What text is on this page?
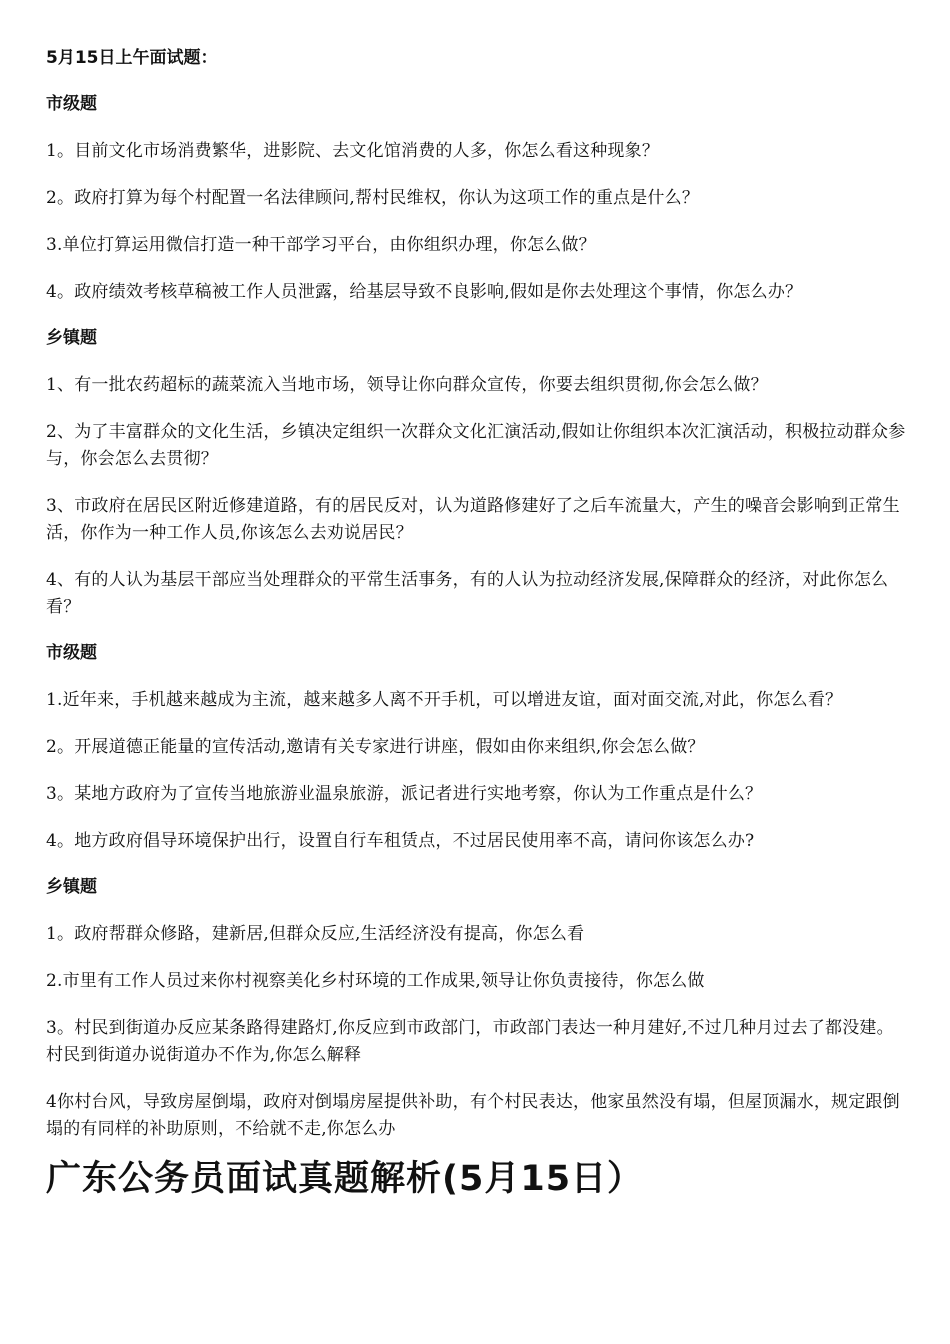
5月15日上午面试题：

市级题

1。目前文化市场消费繁华，进影院、去文化馆消费的人多，你怎么看这种现象？

2。政府打算为每个村配置一名法律顾问,帮村民维权，你认为这项工作的重点是什么？

3.单位打算运用微信打造一种干部学习平台，由你组织办理，你怎么做？

4。政府绩效考核草稿被工作人员泄露，给基层导致不良影响,假如是你去处理这个事情，你怎么办？

乡镇题

1、有一批农药超标的蔬菜流入当地市场，领导让你向群众宣传，你要去组织贯彻,你会怎么做？

2、为了丰富群众的文化生活，乡镇决定组织一次群众文化汇演活动,假如让你组织本次汇演活动，积极拉动群众参与，你会怎么去贯彻？

3、市政府在居民区附近修建道路，有的居民反对，认为道路修建好了之后车流量大，产生的噪音会影响到正常生活，你作为一种工作人员,你该怎么去劝说居民？

4、有的人认为基层干部应当处理群众的平常生活事务，有的人认为拉动经济发展,保障群众的经济，对此你怎么看？

市级题

1.近年来，手机越来越成为主流，越来越多人离不开手机，可以增进友谊，面对面交流,对此，你怎么看？

2。开展道德正能量的宣传活动,邀请有关专家进行讲座，假如由你来组织,你会怎么做？

3。某地方政府为了宣传当地旅游业温泉旅游，派记者进行实地考察，你认为工作重点是什么？

4。地方政府倡导环境保护出行，设置自行车租赁点，不过居民使用率不高，请问你该怎么办?

乡镇题

1。政府帮群众修路，建新居,但群众反应,生活经济没有提高，你怎么看

2.市里有工作人员过来你村视察美化乡村环境的工作成果,领导让你负责接待，你怎么做

3。村民到街道办反应某条路得建路灯,你反应到市政部门，市政部门表达一种月建好,不过几种月过去了都没建。村民到街道办说街道办不作为,你怎么解释

4你村台风，导致房屋倒塌，政府对倒塌房屋提供补助，有个村民表达，他家虽然没有塌，但屋顶漏水，规定跟倒塌的有同样的补助原则，不给就不走,你怎么办

广东公务员面试真题解析(5月15日）
